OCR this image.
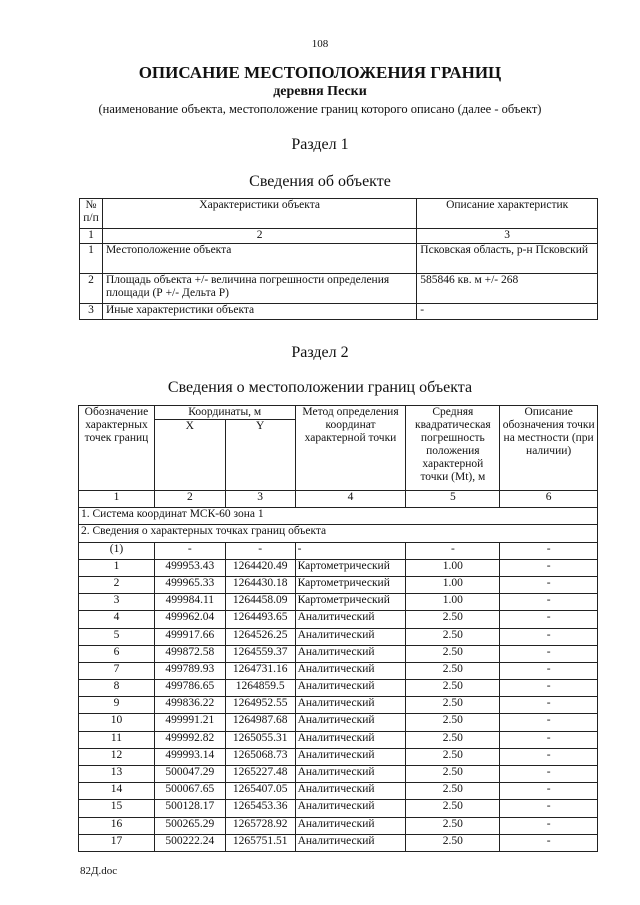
108
ОПИСАНИЕ МЕСТОПОЛОЖЕНИЯ ГРАНИЦ
деревня Пески
(наименование объекта, местоположение границ которого описано (далее - объект)
Раздел 1
Сведения об объекте
№ п/п	Характеристики объекта	Описание характеристик
1	2	3
1	Местоположение объекта	Псковская область, р-н Псковский
2	Площадь объекта +/- величина погрешности определения площади (Р +/- Дельта Р)	585846 кв. м +/- 268
3	Иные характеристики объекта	-
Раздел 2
Сведения о местоположении границ объекта
Обозначение характерных точек границ	Координаты, м		Метод определения координат характерной точки	Средняя квадратическая погрешность положения характерной точки (Mt), м	Описание обозначения точки на местности (при наличии)
	X	Y			
1	2	3	4	5	6
1. Система координат МСК-60 зона 1					
2. Сведения о характерных точках границ объекта					
(1)	-	-	-	-	-
1	499953.43	1264420.49	Картометрический	1.00	-
2	499965.33	1264430.18	Картометрический	1.00	-
3	499984.11	1264458.09	Картометрический	1.00	-
4	499962.04	1264493.65	Аналитический	2.50	-
5	499917.66	1264526.25	Аналитический	2.50	-
6	499872.58	1264559.37	Аналитический	2.50	-
7	499789.93	1264731.16	Аналитический	2.50	-
8	499786.65	1264859.5	Аналитический	2.50	-
9	499836.22	1264952.55	Аналитический	2.50	-
10	499991.21	1264987.68	Аналитический	2.50	-
11	499992.82	1265055.31	Аналитический	2.50	-
12	499993.14	1265068.73	Аналитический	2.50	-
13	500047.29	1265227.48	Аналитический	2.50	-
14	500067.65	1265407.05	Аналитический	2.50	-
15	500128.17	1265453.36	Аналитический	2.50	-
16	500265.29	1265728.92	Аналитический	2.50	-
17	500222.24	1265751.51	Аналитический	2.50	-
82Д.doc
